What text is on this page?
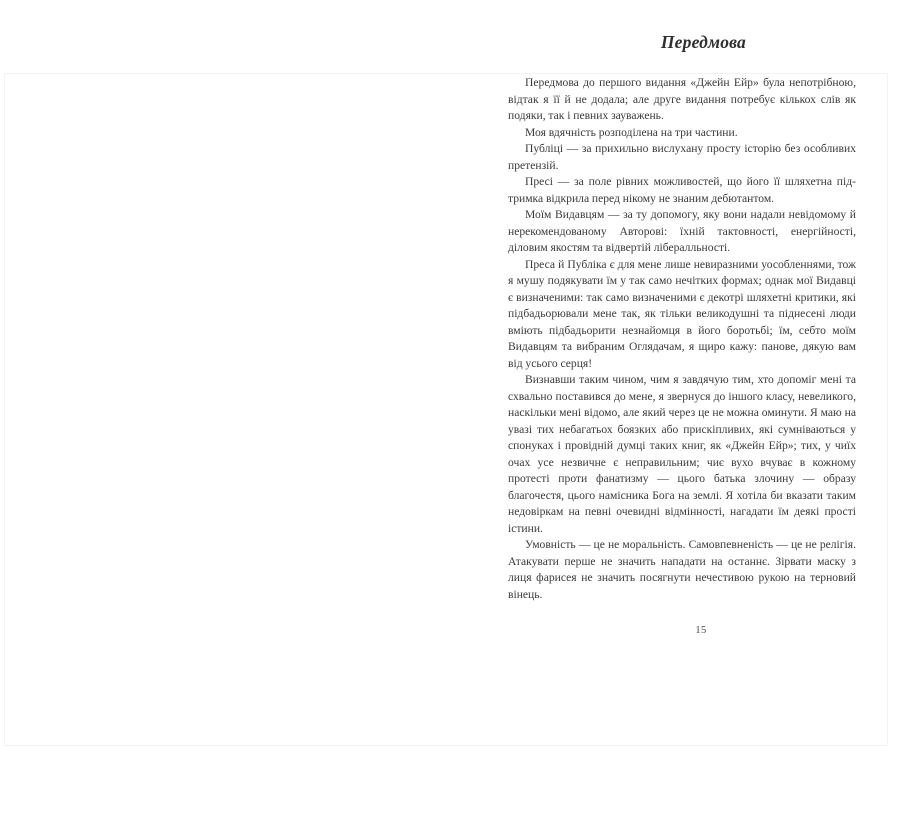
Передмова

Передмова до першого видання «Джейн Ейр» була непотрібною, відтак я її й не додала; але друге видання потребує кількох слів як подяки, так і певних зауважень.

Моя вдячність розподілена на три частини.

Публіці — за прихильно вислухану просту історію без особливих претензій.

Пресі — за поле рівних можливостей, що його її шляхетна підтримка відкрила перед нікому не знаним дебютантом.

Моїм Видавцям — за ту допомогу, яку вони надали невідомому й нерекомендованому Авторові: їхній тактовності, енергійності, діловим якостям та відвертій лібералльності.

Преса й Публіка є для мене лише невиразними уособленнями, тож я мушу подякувати їм у так само нечітких формах; однак мої Видавці є визначеними: так само визначеними є декотрі шляхетні критики, які підбадьорювали мене так, як тільки великодушні та піднесені люди вміють підбадьорити незнайомця в його боротьбі; їм, себто моїм Видавцям та вибраним Оглядачам, я щиро кажу: панове, дякую вам від усього серця!

Визнавши таким чином, чим я завдячую тим, хто допоміг мені та схвально поставився до мене, я звернуся до іншого класу, невеликого, наскільки мені відомо, але який через це не можна оминути. Я маю на увазі тих небагатьох боязких або прискіпливих, які сумніваються у спонуках і провідній думці таких книг, як «Джейн Ейр»; тих, у чиїх очах усе незвичне є неправильним; чиє вухо вчуває в кожному протесті проти фанатизму — цього батька злочину — образу благочестя, цього намісника Бога на землі. Я хотіла би вказати таким недовіркам на певні очевидні відмінності, нагадати їм деякі прості істини.

Умовність — це не моральність. Самовпевненість — це не релігія. Атакувати перше не значить нападати на останнє. Зірвати маску з лиця фарисея не значить посягнути нечестивою рукою на терновий вінець.

15
